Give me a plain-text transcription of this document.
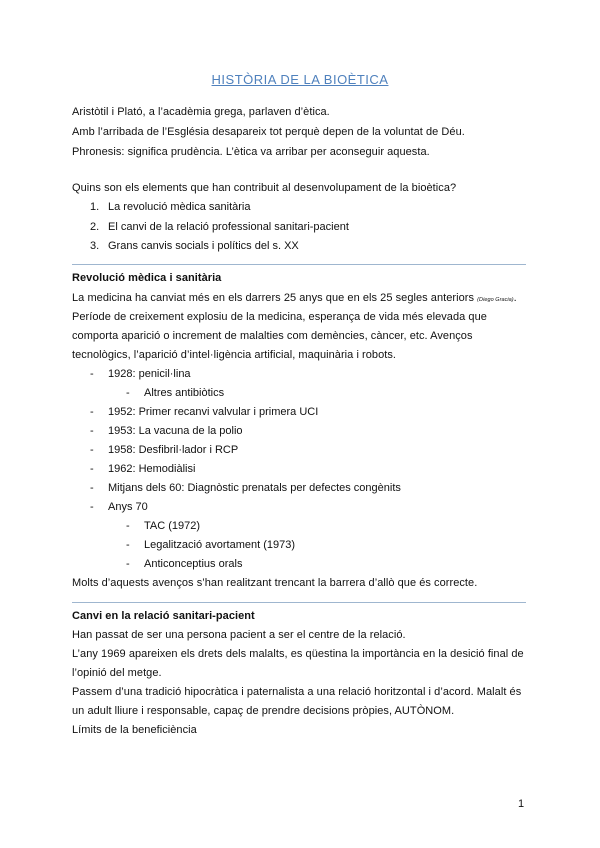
HISTÒRIA DE LA BIOÈTICA
Aristòtil i Plató, a l’acadèmia grega, parlaven d’ètica.
Amb l’arribada de l’Església desapareix tot perquè depen de la voluntat de Déu.
Phronesis: significa prudència. L’ètica va arribar per aconseguir aquesta.
Quins son els elements que han contribuit al desenvolupament de la bioètica?
1. La revolució mèdica sanitària
2. El canvi de la relació professional sanitari-pacient
3. Grans canvis socials i polítics del s. XX
Revolució mèdica i sanitària
La medicina ha canviat més en els darrers 25 anys que en els 25 segles anteriors (Diego Gracia).
Període de creixement explosiu de la medicina, esperança de vida més elevada que
comporta aparició o increment de malalties com demències, càncer, etc. Avenços
tecnològics, l’aparició d’intel·ligència artificial, maquinària i robots.
- 1928: penicil·lina
- Altres antibiòtics
- 1952: Primer recanvi valvular i primera UCI
- 1953: La vacuna de la polio
- 1958: Desfibril·lador i RCP
- 1962: Hemodiàlisi
- Mitjans dels 60: Diagnòstic prenatals per defectes congènits
- Anys 70
- TAC (1972)
- Legalització avortament (1973)
- Anticonceptius orals
Molts d’aquests avenços s’han realitzant trencant la barrera d’allò que és correcte.
Canvi en la relació sanitari-pacient
Han passat de ser una persona pacient a ser el centre de la relació.
L’any 1969 apareixen els drets dels malalts, es qüestina la importància en la desició final de
l’opinió del metge.
Passem d’una tradició hipocràtica i paternalista a una relació horitzontal i d’acord. Malalt és
un adult lliure i responsable, capaç de prendre decisions pròpies, AUTÒNOM.
Límits de la beneficiència
1
